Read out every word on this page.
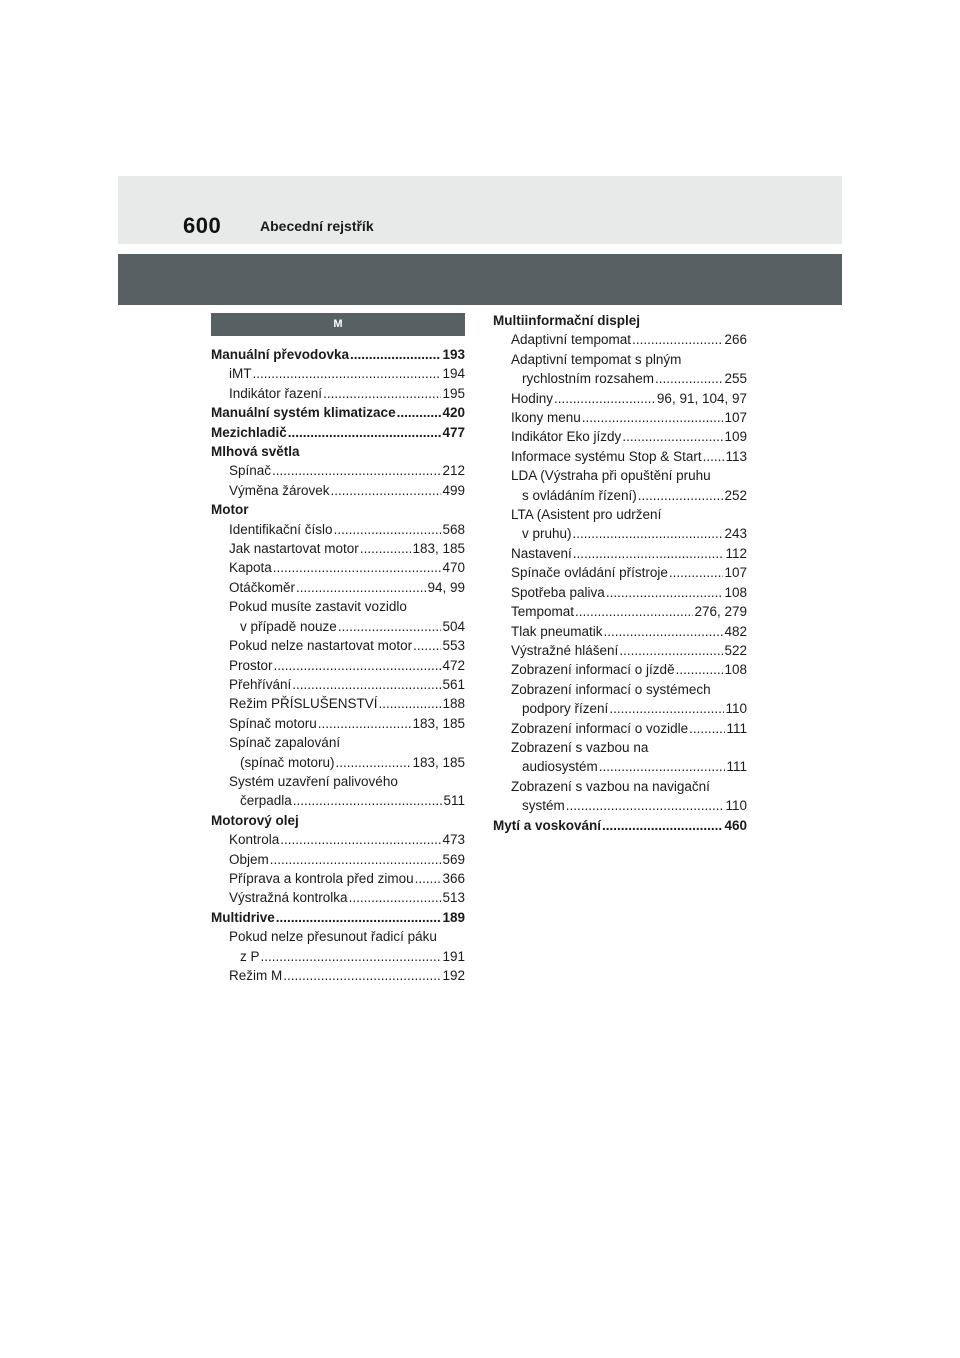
600	Abecední rejstřík
M
Manuální převodovka .....	193
iMT .....	194
Indikátor řazení .....	195
Manuální systém klimatizace .....	420
Mezichladič .....	477
Mlhová světla
Spínač .....	212
Výměna žárovek .....	499
Motor
Identifikační číslo .....	568
Jak nastartovat motor .....	183, 185
Kapota .....	470
Otáčkoměr .....	94, 99
Pokud musíte zastavit vozidlo
v případě nouze .....	504
Pokud nelze nastartovat motor ..... 553
Prostor .....	472
Přehřívání .....	561
Režim PŘÍSLUŠENSTVÍ .....	188
Spínač motoru .....	183, 185
Spínač zapalování
(spínač motoru) .....	183, 185
Systém uzavření palivového
čerpadla .....	511
Motorový olej
Kontrola .....	473
Objem .....	569
Příprava a kontrola před zimou ..... 366
Výstražná kontrolka .....	513
Multidrive .....	189
Pokud nelze přesunout řadicí páku
z P .....	191
Režim M .....	192
Multiinformační displej
Adaptivní tempomat .....	266
Adaptivní tempomat s plným
rychlostním rozsahem .....	255
Hodiny .....	96, 91, 104, 97
Ikony menu .....	107
Indikátor Eko jízdy .....	109
Informace systému Stop & Start ..... 113
LDA (Výstraha při opuštění pruhu
s ovládáním řízení) .....	252
LTA (Asistent pro udržení
v pruhu) .....	243
Nastavení .....	112
Spínače ovládání přístroje .....	107
Spotřeba paliva .....	108
Tempomat .....	276, 279
Tlak pneumatik .....	482
Výstražné hlášení .....	522
Zobrazení informací o jízdě .....	108
Zobrazení informací o systémech
podpory řízení .....	110
Zobrazení informací o vozidle .....	111
Zobrazení s vazbou na
audiosystém .....	111
Zobrazení s vazbou na navigační
systém .....	110
Mytí a voskování .....	460
